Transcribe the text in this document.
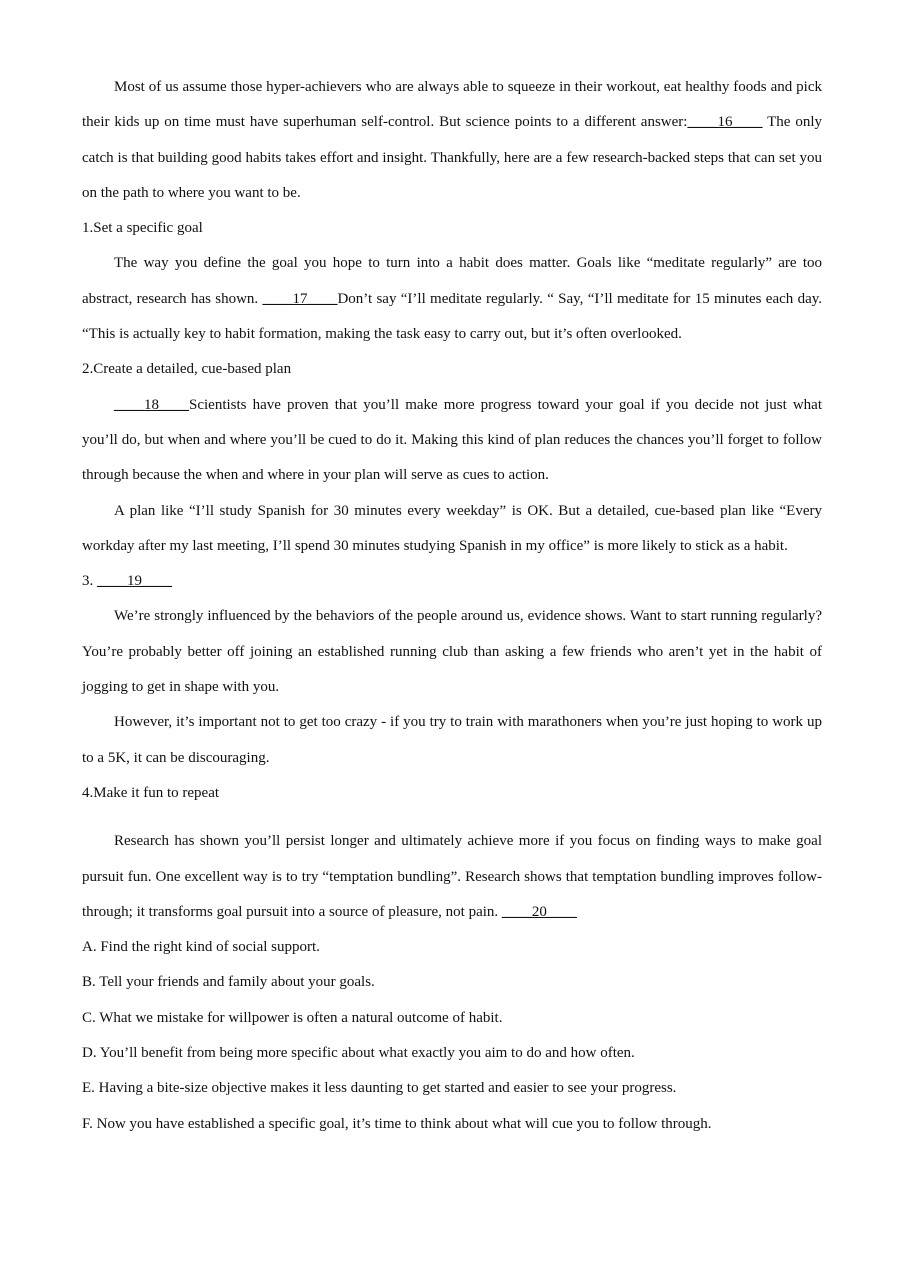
Most of us assume those hyper-achievers who are always able to squeeze in their workout, eat healthy foods and pick their kids up on time must have superhuman self-control. But science points to a different answer:____16____ The only catch is that building good habits takes effort and insight. Thankfully, here are a few research-backed steps that can set you on the path to where you want to be.

1.Set a specific goal

The way you define the goal you hope to turn into a habit does matter. Goals like “meditate regularly” are too abstract, research has shown. ____17____Don’t say “I’ll meditate regularly. “ Say, “I’ll meditate for 15 minutes each day. “This is actually key to habit formation, making the task easy to carry out, but it’s often overlooked.

2.Create a detailed, cue-based plan

____18____Scientists have proven that you’ll make more progress toward your goal if you decide not just what you’ll do, but when and where you’ll be cued to do it. Making this kind of plan reduces the chances you’ll forget to follow through because the when and where in your plan will serve as cues to action.

A plan like “I’ll study Spanish for 30 minutes every weekday” is OK. But a detailed, cue-based plan like “Every workday after my last meeting, I’ll spend 30 minutes studying Spanish in my office” is more likely to stick as a habit.

3. ____19____

We’re strongly influenced by the behaviors of the people around us, evidence shows. Want to start running regularly? You’re probably better off joining an established running club than asking a few friends who aren’t yet in the habit of jogging to get in shape with you.

However, it’s important not to get too crazy - if you try to train with marathoners when you’re just hoping to work up to a 5K, it can be discouraging.

4.Make it fun to repeat

Research has shown you’ll persist longer and ultimately achieve more if you focus on finding ways to make goal pursuit fun. One excellent way is to try “temptation bundling”. Research shows that temptation bundling improves follow-through; it transforms goal pursuit into a source of pleasure, not pain. ____20____

A. Find the right kind of social support.

B. Tell your friends and family about your goals.

C. What we mistake for willpower is often a natural outcome of habit.

D. You’ll benefit from being more specific about what exactly you aim to do and how often.

E. Having a bite-size objective makes it less daunting to get started and easier to see your progress.

F. Now you have established a specific goal, it’s time to think about what will cue you to follow through.
